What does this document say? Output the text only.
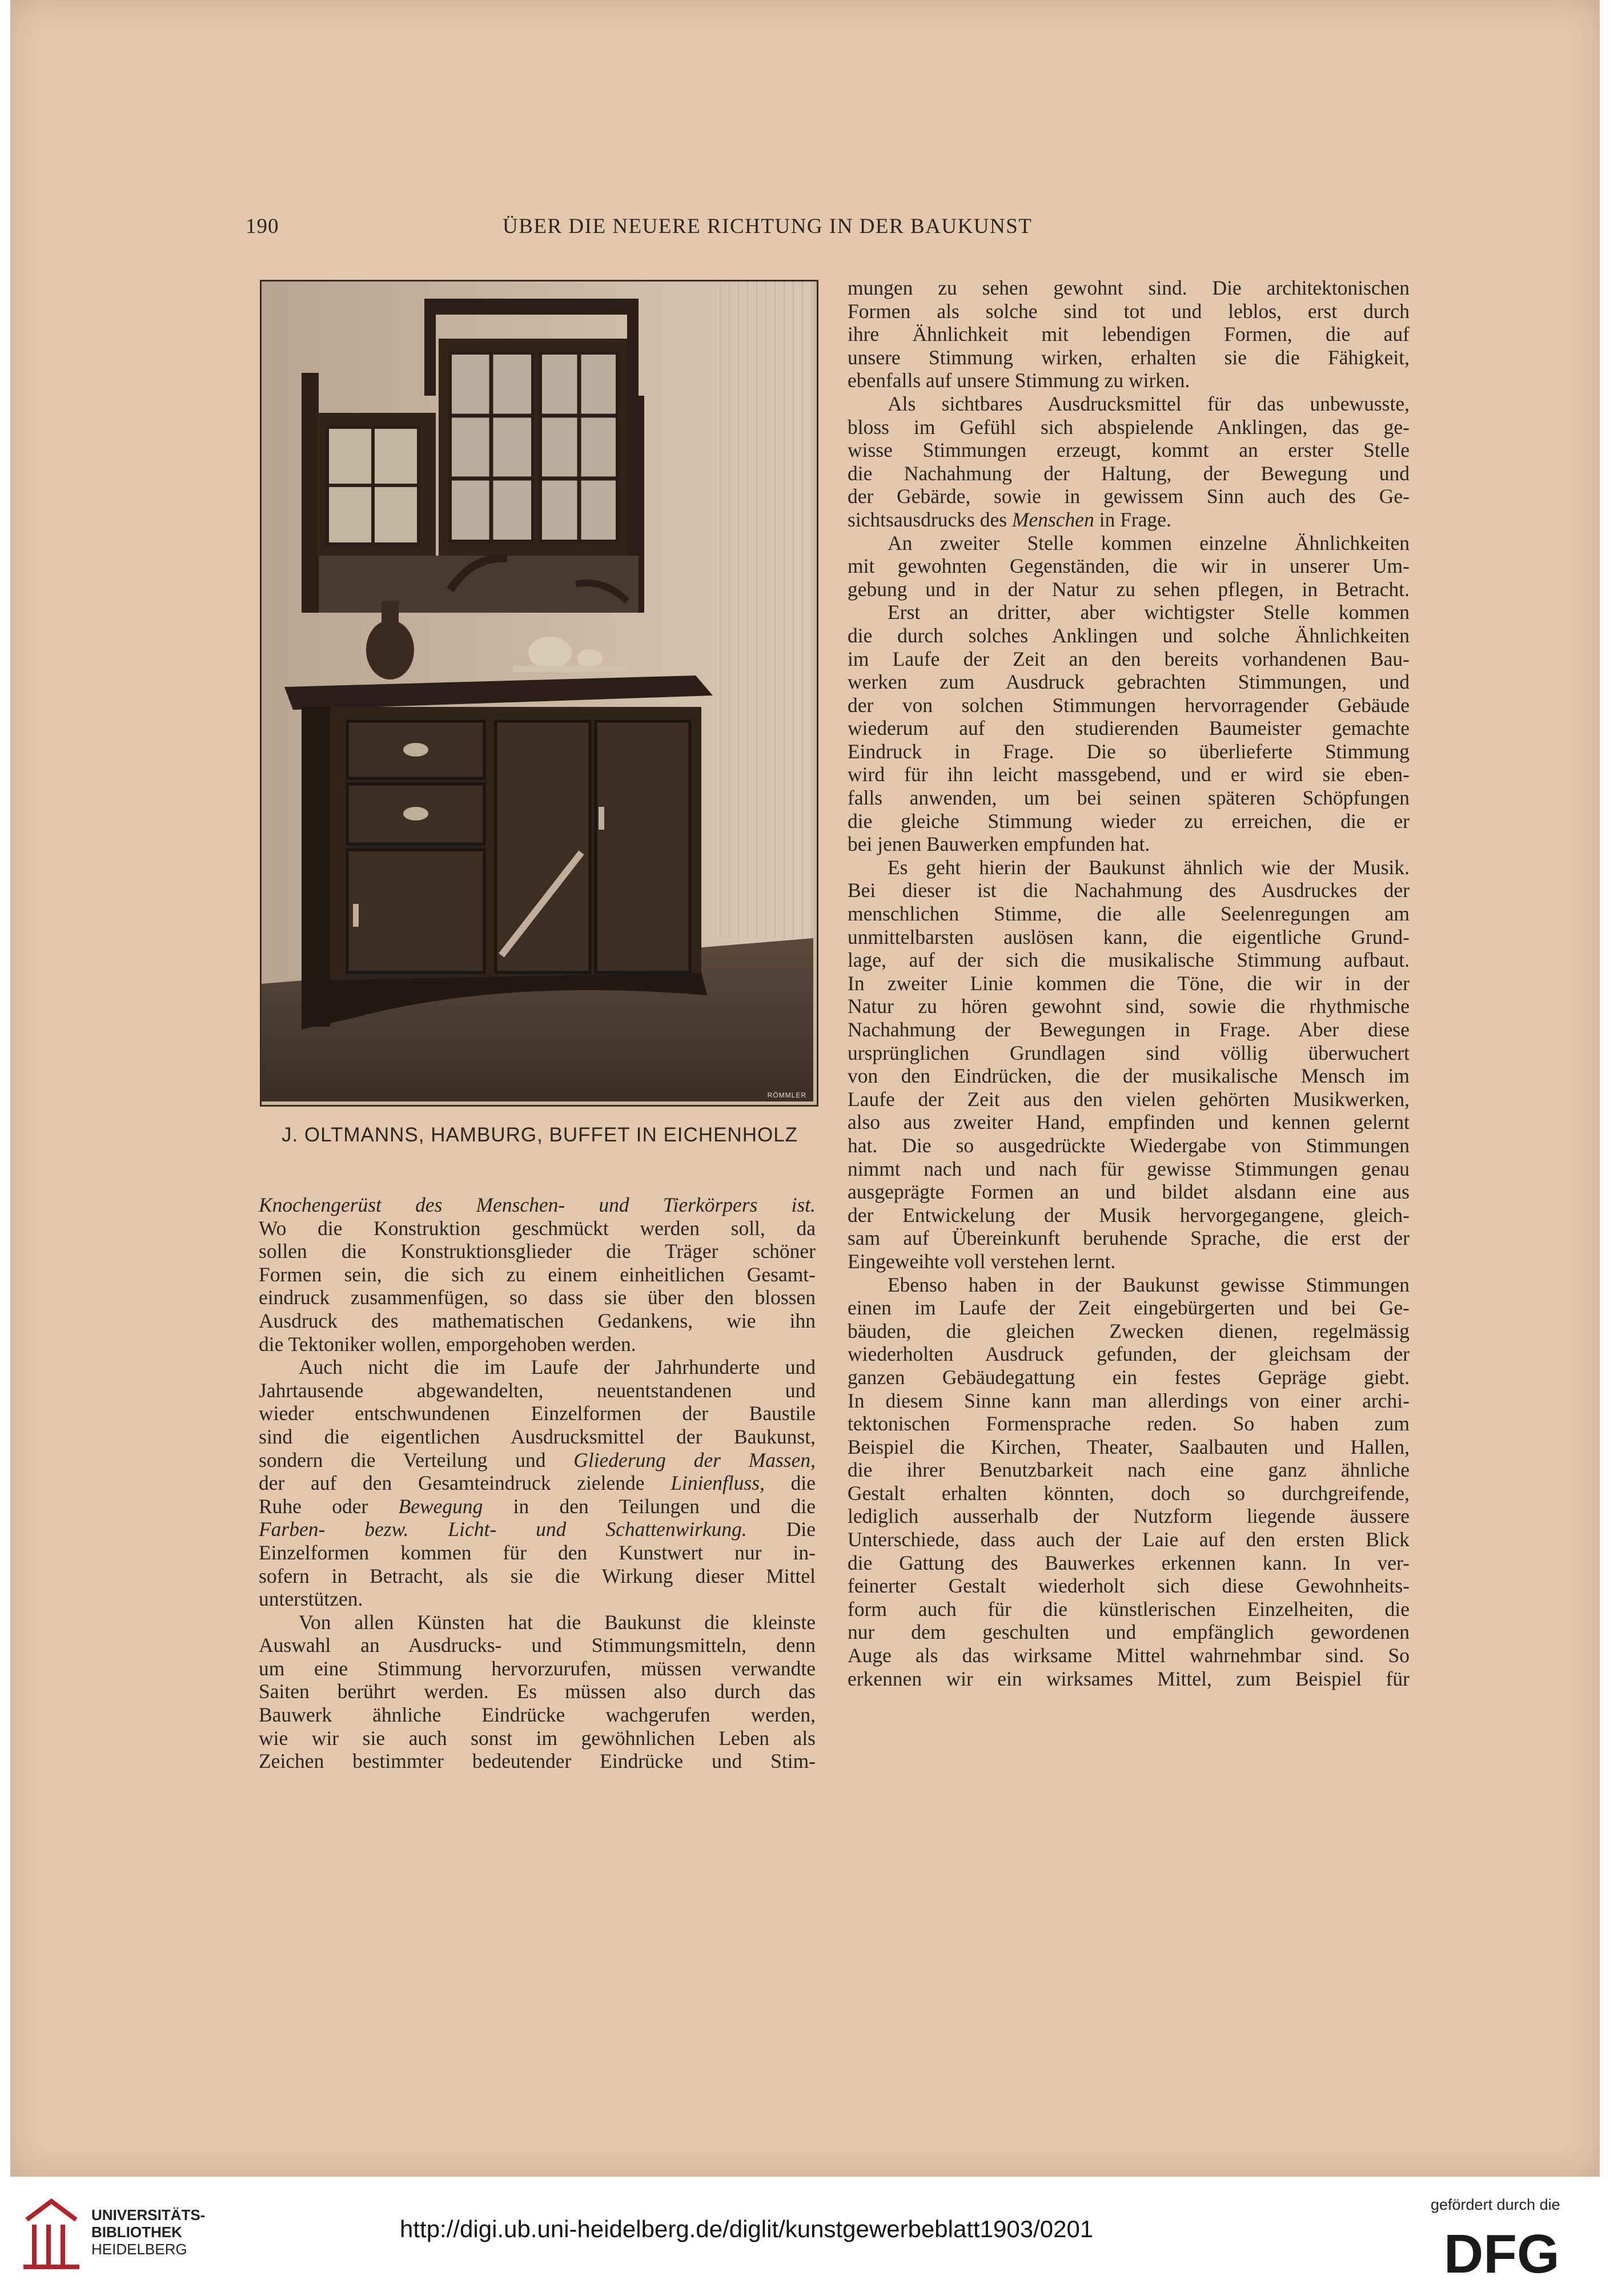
190	ÜBER DIE NEUERE RICHTUNG IN DER BAUKUNST
RÖMMLER
J. OLTMANNS, HAMBURG, BUFFET IN EICHENHOLZ
Knochengerüst des Menschen- und Tierkörpers ist.
Wo die Konstruktion geschmückt werden soll, da
sollen die Konstruktionsglieder die Träger schöner
Formen sein, die sich zu einem einheitlichen Gesamt-
eindruck zusammenfügen, so dass sie über den blossen
Ausdruck des mathematischen Gedankens, wie ihn
die Tektoniker wollen, emporgehoben werden.
Auch nicht die im Laufe der Jahrhunderte und
Jahrtausende abgewandelten, neuentstandenen und
wieder entschwundenen Einzelformen der Baustile
sind die eigentlichen Ausdrucksmittel der Baukunst,
sondern die Verteilung und Gliederung der Massen,
der auf den Gesamteindruck zielende Linienfluss, die
Ruhe oder Bewegung in den Teilungen und die
Farben- bezw. Licht- und Schattenwirkung. Die
Einzelformen kommen für den Kunstwert nur in-
sofern in Betracht, als sie die Wirkung dieser Mittel
unterstützen.
Von allen Künsten hat die Baukunst die kleinste
Auswahl an Ausdrucks- und Stimmungsmitteln, denn
um eine Stimmung hervorzurufen, müssen verwandte
Saiten berührt werden. Es müssen also durch das
Bauwerk ähnliche Eindrücke wachgerufen werden,
wie wir sie auch sonst im gewöhnlichen Leben als
Zeichen bestimmter bedeutender Eindrücke und Stim-
mungen zu sehen gewohnt sind. Die architektonischen
Formen als solche sind tot und leblos, erst durch
ihre Ähnlichkeit mit lebendigen Formen, die auf
unsere Stimmung wirken, erhalten sie die Fähigkeit,
ebenfalls auf unsere Stimmung zu wirken.
Als sichtbares Ausdrucksmittel für das unbewusste,
bloss im Gefühl sich abspielende Anklingen, das ge-
wisse Stimmungen erzeugt, kommt an erster Stelle
die Nachahmung der Haltung, der Bewegung und
der Gebärde, sowie in gewissem Sinn auch des Ge-
sichtsausdrucks des Menschen in Frage.
An zweiter Stelle kommen einzelne Ähnlichkeiten
mit gewohnten Gegenständen, die wir in unserer Um-
gebung und in der Natur zu sehen pflegen, in Betracht.
Erst an dritter, aber wichtigster Stelle kommen
die durch solches Anklingen und solche Ähnlichkeiten
im Laufe der Zeit an den bereits vorhandenen Bau-
werken zum Ausdruck gebrachten Stimmungen, und
der von solchen Stimmungen hervorragender Gebäude
wiederum auf den studierenden Baumeister gemachte
Eindruck in Frage. Die so überlieferte Stimmung
wird für ihn leicht massgebend, und er wird sie eben-
falls anwenden, um bei seinen späteren Schöpfungen
die gleiche Stimmung wieder zu erreichen, die er
bei jenen Bauwerken empfunden hat.
Es geht hierin der Baukunst ähnlich wie der Musik.
Bei dieser ist die Nachahmung des Ausdruckes der
menschlichen Stimme, die alle Seelenregungen am
unmittelbarsten auslösen kann, die eigentliche Grund-
lage, auf der sich die musikalische Stimmung aufbaut.
In zweiter Linie kommen die Töne, die wir in der
Natur zu hören gewohnt sind, sowie die rhythmische
Nachahmung der Bewegungen in Frage. Aber diese
ursprünglichen Grundlagen sind völlig überwuchert
von den Eindrücken, die der musikalische Mensch im
Laufe der Zeit aus den vielen gehörten Musikwerken,
also aus zweiter Hand, empfinden und kennen gelernt
hat. Die so ausgedrückte Wiedergabe von Stimmungen
nimmt nach und nach für gewisse Stimmungen genau
ausgeprägte Formen an und bildet alsdann eine aus
der Entwickelung der Musik hervorgegangene, gleich-
sam auf Übereinkunft beruhende Sprache, die erst der
Eingeweihte voll verstehen lernt.
Ebenso haben in der Baukunst gewisse Stimmungen
einen im Laufe der Zeit eingebürgerten und bei Ge-
bäuden, die gleichen Zwecken dienen, regelmässig
wiederholten Ausdruck gefunden, der gleichsam der
ganzen Gebäudegattung ein festes Gepräge giebt.
In diesem Sinne kann man allerdings von einer archi-
tektonischen Formensprache reden. So haben zum
Beispiel die Kirchen, Theater, Saalbauten und Hallen,
die ihrer Benutzbarkeit nach eine ganz ähnliche
Gestalt erhalten könnten, doch so durchgreifende,
lediglich ausserhalb der Nutzform liegende äussere
Unterschiede, dass auch der Laie auf den ersten Blick
die Gattung des Bauwerkes erkennen kann. In ver-
feinerter Gestalt wiederholt sich diese Gewohnheits-
form auch für die künstlerischen Einzelheiten, die
nur dem geschulten und empfänglich gewordenen
Auge als das wirksame Mittel wahrnehmbar sind. So
erkennen wir ein wirksames Mittel, zum Beispiel für
UNIVERSITÄTS-
BIBLIOTHEK
HEIDELBERG
http://digi.ub.uni-heidelberg.de/diglit/kunstgewerbeblatt1903/0201
gefördert durch die
DFG
